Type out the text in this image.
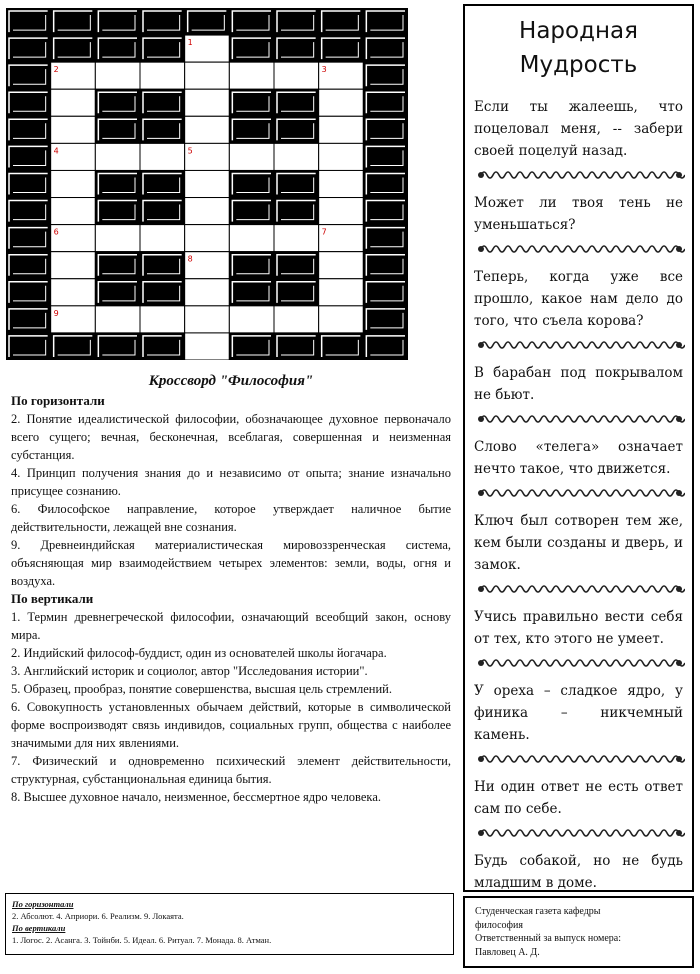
1
2	3
4	5
6	7
8
9
Кроссворд "Философия"
По горизонтали

2. Понятие идеалистической философии, обозначающее духовное первоначало всего сущего; вечная, бесконечная, всеблагая, совершенная и неизменная субстанция.

4. Принцип получения знания до и независимо от опыта; знание изначально присущее сознанию.

6. Философское направление, которое утверждает наличное бытие действительности, лежащей вне сознания.

9. Древнеиндийская материалистическая мировоззренческая система, объясняющая мир взаимодействием четырех элементов: земли, воды, огня и воздуха.

По вертикали

1. Термин древнегреческой философии, означающий всеобщий закон, основу мира.

2. Индийский философ-буддист, один из основателей школы йогачара.

3. Английский историк и социолог, автор "Исследования истории".

5. Образец, прообраз, понятие совершенства, высшая цель стремлений.

6. Совокупность установленных обычаем действий, которые в символической форме воспроизводят связь индивидов, социальных групп, общества с наиболее значимыми для них явлениями.

7. Физический и одновременно психический элемент действительности, структурная, субстанциональная единица бытия.

8. Высшее духовное начало, неизменное, бессмертное ядро человека.

По горизонтали
2. Абсолют. 4. Априори. 6. Реализм. 9. Локаята.
По вертикали
1. Логос. 2. Асанга. 3. Тойнби. 5. Идеал. 6. Ритуал. 7. Монада. 8. Атман.
Народная
Мудрость
Если ты жалеешь, что поцеловал меня, -- забери своей поцелуй назад.
Может ли твоя тень не уменьшаться?
Теперь, когда уже все прошло, какое нам дело до того, что съела корова?
В барабан под покрывалом не бьют.
Слово «телега» означает нечто такое, что движется.
Ключ был сотворен тем же, кем были созданы и дверь, и замок.
Учись правильно вести себя от тех, кто этого не умеет.
У ореха – сладкое ядро, у финика – никчемный камень.
Ни один ответ не есть ответ сам по себе.
Будь собакой, но не будь младшим в доме.
Студенческая газета кафедры
философия
Ответственный за выпуск номера:
Павловец А. Д.
